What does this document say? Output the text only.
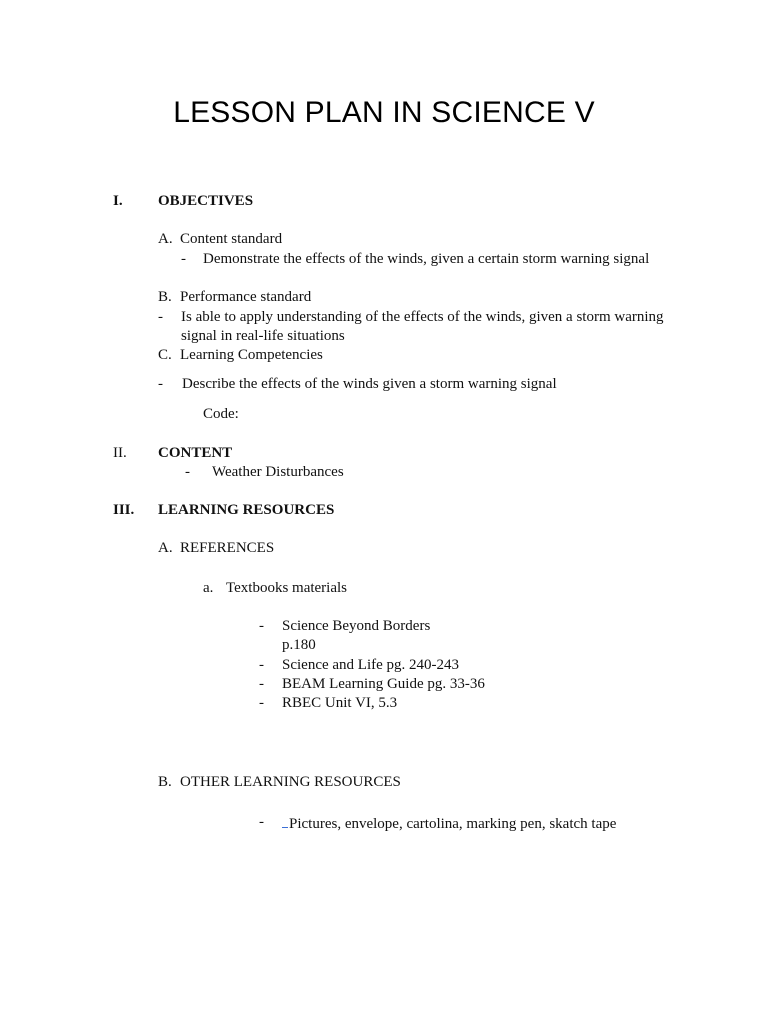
LESSON PLAN IN SCIENCE V
I. OBJECTIVES
A. Content standard
- Demonstrate the effects of the winds, given a certain storm warning signal
B. Performance standard
- Is able to apply understanding of the effects of the winds, given a storm warning
signal in real-life situations
C. Learning Competencies
- Describe the effects of the winds given a storm warning signal
Code:
II. CONTENT
- Weather Disturbances
III. LEARNING RESOURCES
A. REFERENCES
a. Textbooks materials
- Science Beyond Borders
p.180
- Science and Life pg. 240-243
- BEAM Learning Guide pg. 33-36
- RBEC Unit VI, 5.3
B. OTHER LEARNING RESOURCES
-	Pictures, envelope, cartolina, marking pen, skatch tape
